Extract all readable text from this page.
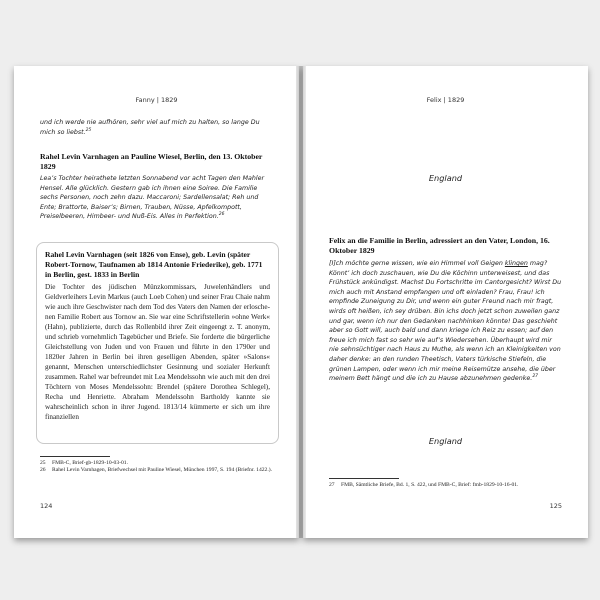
Fanny | 1829

und ich werde nie aufhören, sehr viel auf mich zu halten, so lange Du mich so liebst.$^{25}$

Rahel Levin Varnhagen an Pauline Wiesel, Berlin, den 13. Oktober 1829

Lea’s Tochter heirathete letzten Sonnabend vor acht Tagen den Mahler Hensel. Alle glücklich. Gestern gab ich ihnen eine Soiree. Die Familie sechs Personen, noch zehn dazu. Maccaroni; Sardellensalat; Reh und Ente; Brattorte, Baiser’s; Birnen, Trauben, Nüsse, Apfelkompott, Preiselbeeren, Himbeer- und Nuß-Eis. Alles in Perfektion.$^{26}$

Rahel Levin Varnhagen (seit 1826 von Ense), geb. Levin (später Robert-Tornow, Taufnamen ab 1814 Antonie Friederike), geb. 1771 in Berlin, gest. 1833 in Berlin

Die Tochter des jüdischen Münzkommissars, Juwelenhändlers und Geldverleihers Levin Markus (auch Loeb Cohen) und seiner Frau Chaie nahm wie auch ihre Geschwister nach dem Tod des Vaters den Namen der erloschenen Familie Robert aus Tornow an. Sie war eine Schriftstellerin »ohne Werk« (Hahn), publizierte, durch das Rollenbild ihrer Zeit eingeengt z. T. anonym, und schrieb vornehmlich Tagebücher und Briefe. Sie forderte die bürgerliche Gleichstellung von Juden und von Frauen und führte in den 1790er und 1820er Jahren in Berlin bei ihren geselligen Abenden, später »Salons« genannt, Menschen unterschiedlichster Gesinnung und sozialer Herkunft zusammen. Rahel war befreundet mit Lea Mendelssohn wie auch mit den drei Töchtern von Moses Mendelssohn: Brendel (spätere Dorothea Schlegel), Recha und Henriette. Abraham Mendelssohn Bartholdy kannte sie wahrscheinlich schon in ihrer Jugend. 1813/14 kümmerte er sich um ihre finanziellen

25	FMB-C, Brief-gb-1829-10-03-01.
26	Rahel Levin Varnhagen, Briefwechsel mit Pauline Wiesel, München 1997, S. 194 (Briefnr. 1422.).
124
Felix | 1829
England

Felix an die Familie in Berlin, adressiert an den Vater, London, 16. Oktober 1829

[I]ch möchte gerne wissen, wie ein Himmel voll Geigen klingen mag? Könnt’ ich doch zuschauen, wie Du die Köchinn unterweisest, und das Frühstück ankündigst. Machst Du Fortschritte im Cantorgesicht? Wirst Du mich auch mit Anstand empfangen und oft einladen? Frau, Frau! ich empfinde Zuneigung zu Dir, und wenn ein guter Freund nach mir fragt, wirds oft heißen, ich sey drüben. Bin ichs doch jetzt schon zuweilen ganz und gar, wenn ich nur den Gedanken nachhinken könnte! Das geschieht aber so Gott will, auch bald und dann kriege ich Reiz zu essen; auf den freue ich mich fast so sehr wie auf’s Wiedersehen. Überhaupt wird mir nie sehnsüchtiger nach Haus zu Muthe, als wenn ich an Kleinigkeiten von daher denke: an den runden Theetisch, Vaters türkische Stiefeln, die grünen Lampen, oder wenn ich mir meine Reisemütze ansehe, die über meinem Bett hängt und die ich zu Hause abzunehmen gedenke.$^{27}$

England
27	FMB, Sämtliche Briefe, Bd. 1, S. 422, und FMB-C, Brief: fmb-1829-10-16-01.
125
